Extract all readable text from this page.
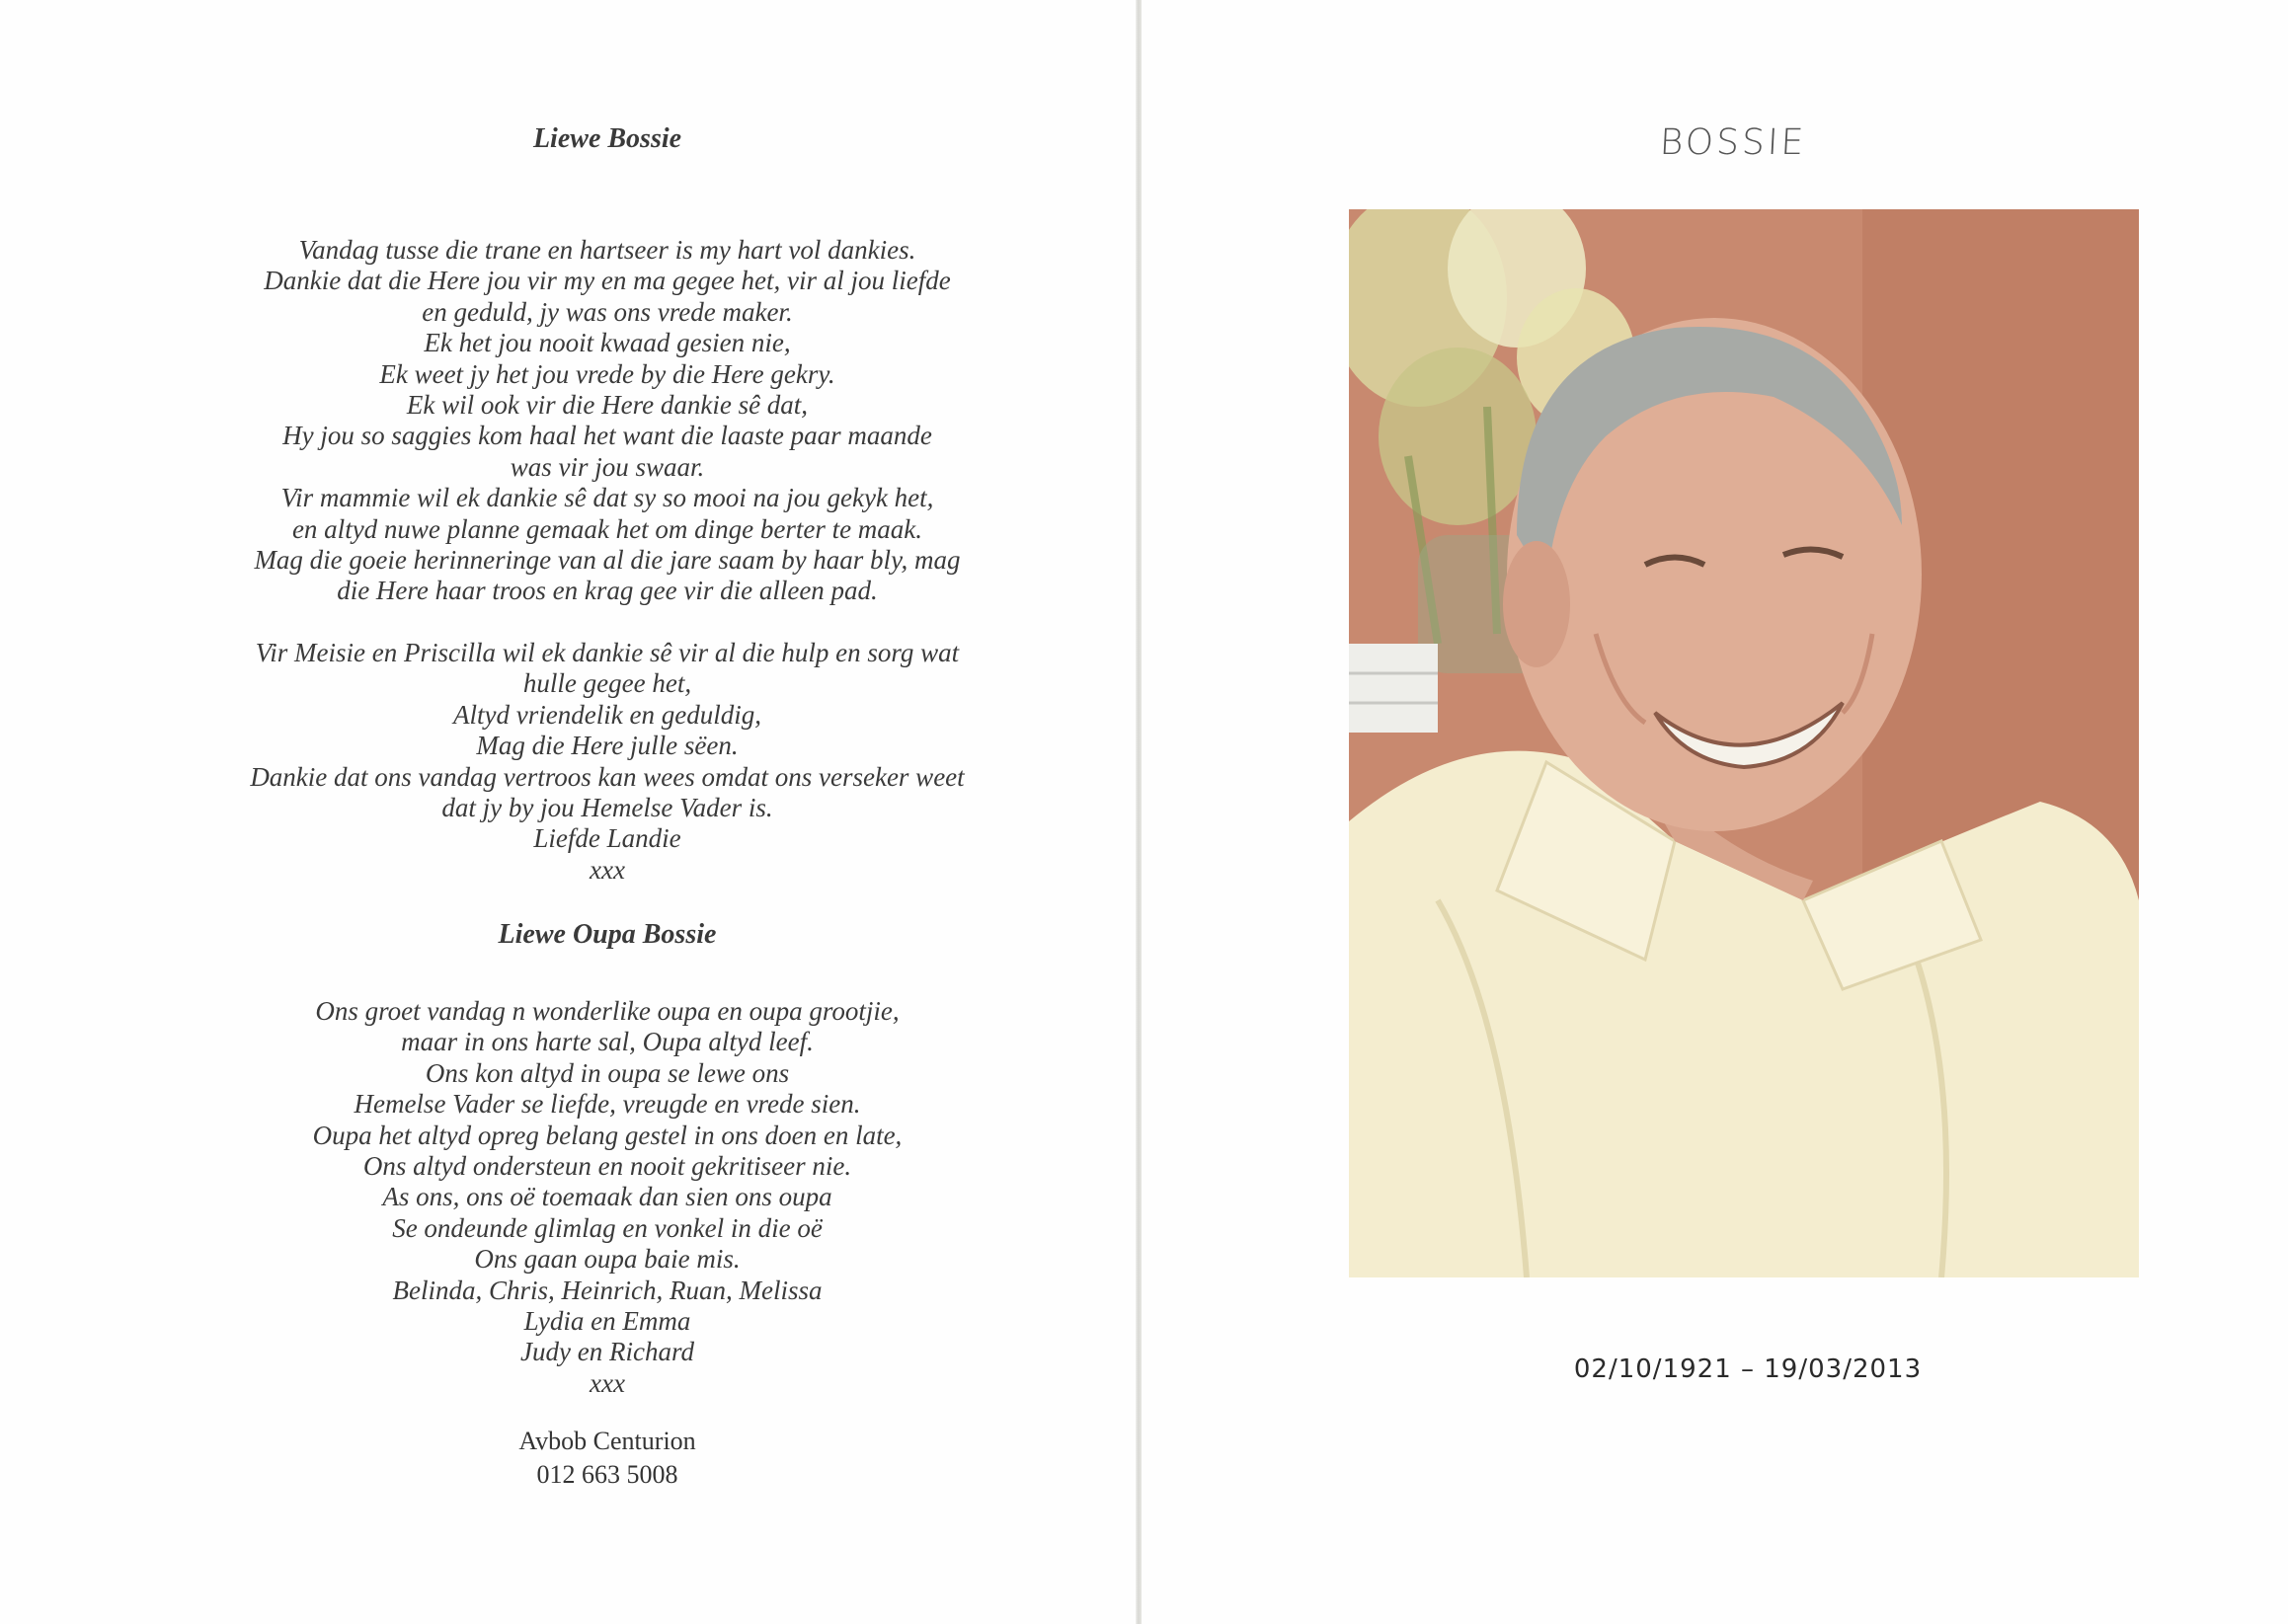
Liewe Bossie
Vandag tusse die trane en hartseer is my hart vol dankies.
Dankie dat die Here jou vir my en ma gegee het, vir al jou liefde
en geduld, jy was ons vrede maker.
Ek het jou nooit kwaad gesien nie,
Ek weet jy het jou vrede by die Here gekry.
Ek wil ook vir die Here dankie sê dat,
Hy jou so saggies kom haal het want die laaste paar maande
was vir jou swaar.
Vir mammie wil ek dankie sê dat sy so mooi na jou gekyk het,
en altyd nuwe planne gemaak het om dinge berter te maak.
Mag die goeie herinneringe van al die jare saam by haar bly, mag
die Here haar troos en krag gee vir die alleen pad.
Vir Meisie en Priscilla wil ek dankie sê vir al die hulp en sorg wat
hulle gegee het,
Altyd vriendelik en geduldig,
Mag die Here julle sëen.
Dankie dat ons vandag vertroos kan wees omdat ons verseker weet
dat jy by jou Hemelse Vader is.
Liefde Landie
xxx
Liewe Oupa Bossie
Ons groet vandag n wonderlike oupa en oupa grootjie,
maar in ons harte sal, Oupa altyd leef.
Ons kon altyd in oupa se lewe ons
Hemelse Vader se liefde, vreugde en vrede sien.
Oupa het altyd opreg belang gestel in ons doen en late,
Ons altyd ondersteun en nooit gekritiseer nie.
As ons, ons oë toemaak dan sien ons oupa
Se ondeunde glimlag en vonkel in die oë
Ons gaan oupa baie mis.
Belinda, Chris, Heinrich, Ruan, Melissa
Lydia en Emma
Judy en Richard
xxx
Avbob Centurion
012 663 5008
BOSSIE
02/10/1921 – 19/03/2013
